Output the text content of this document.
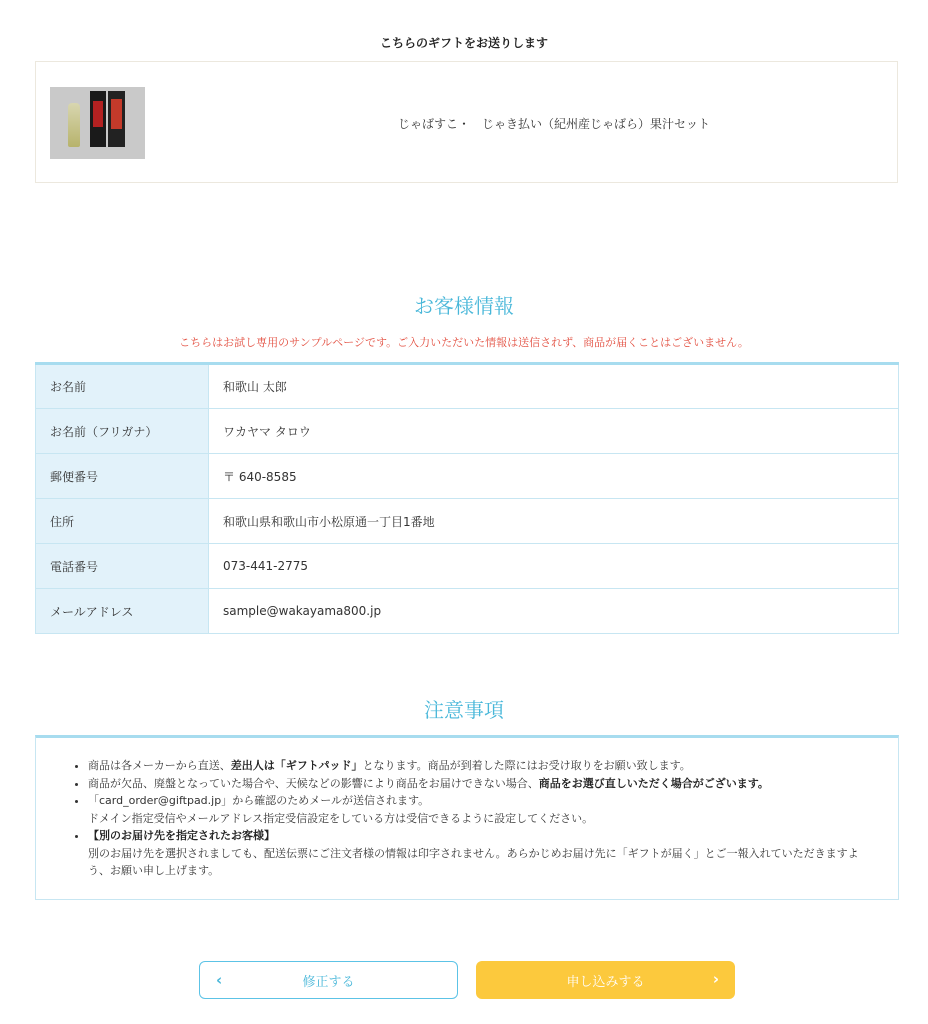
こちらのギフトをお送りします
じゃばすこ・　じゃき払い（紀州産じゃばら）果汁セット
お客様情報
こちらはお試し専用のサンプルページです。ご入力いただいた情報は送信されず、商品が届くことはございません。
お名前	和歌山 太郎
お名前（フリガナ）	ワカヤマ タロウ
郵便番号	〒 640-8585
住所	和歌山県和歌山市小松原通一丁目1番地
電話番号	073-441-2775
メールアドレス	sample@wakayama800.jp
注意事項
• 商品は各メーカーから直送、差出人は「ギフトパッド」となります。商品が到着した際にはお受け取りをお願い致します。
• 商品が欠品、廃盤となっていた場合や、天候などの影響により商品をお届けできない場合、商品をお選び直しいただく場合がございます。
• 「card_order@giftpad.jp」から確認のためメールが送信されます。
ドメイン指定受信やメールアドレス指定受信設定をしている方は受信できるように設定してください。
• 【別のお届け先を指定されたお客様】
別のお届け先を選択されましても、配送伝票にご注文者様の情報は印字されません。あらかじめお届け先に「ギフトが届く」とご一報入れていただきますよう、お願い申し上げます。
‹	修正する	申し込みする	›
